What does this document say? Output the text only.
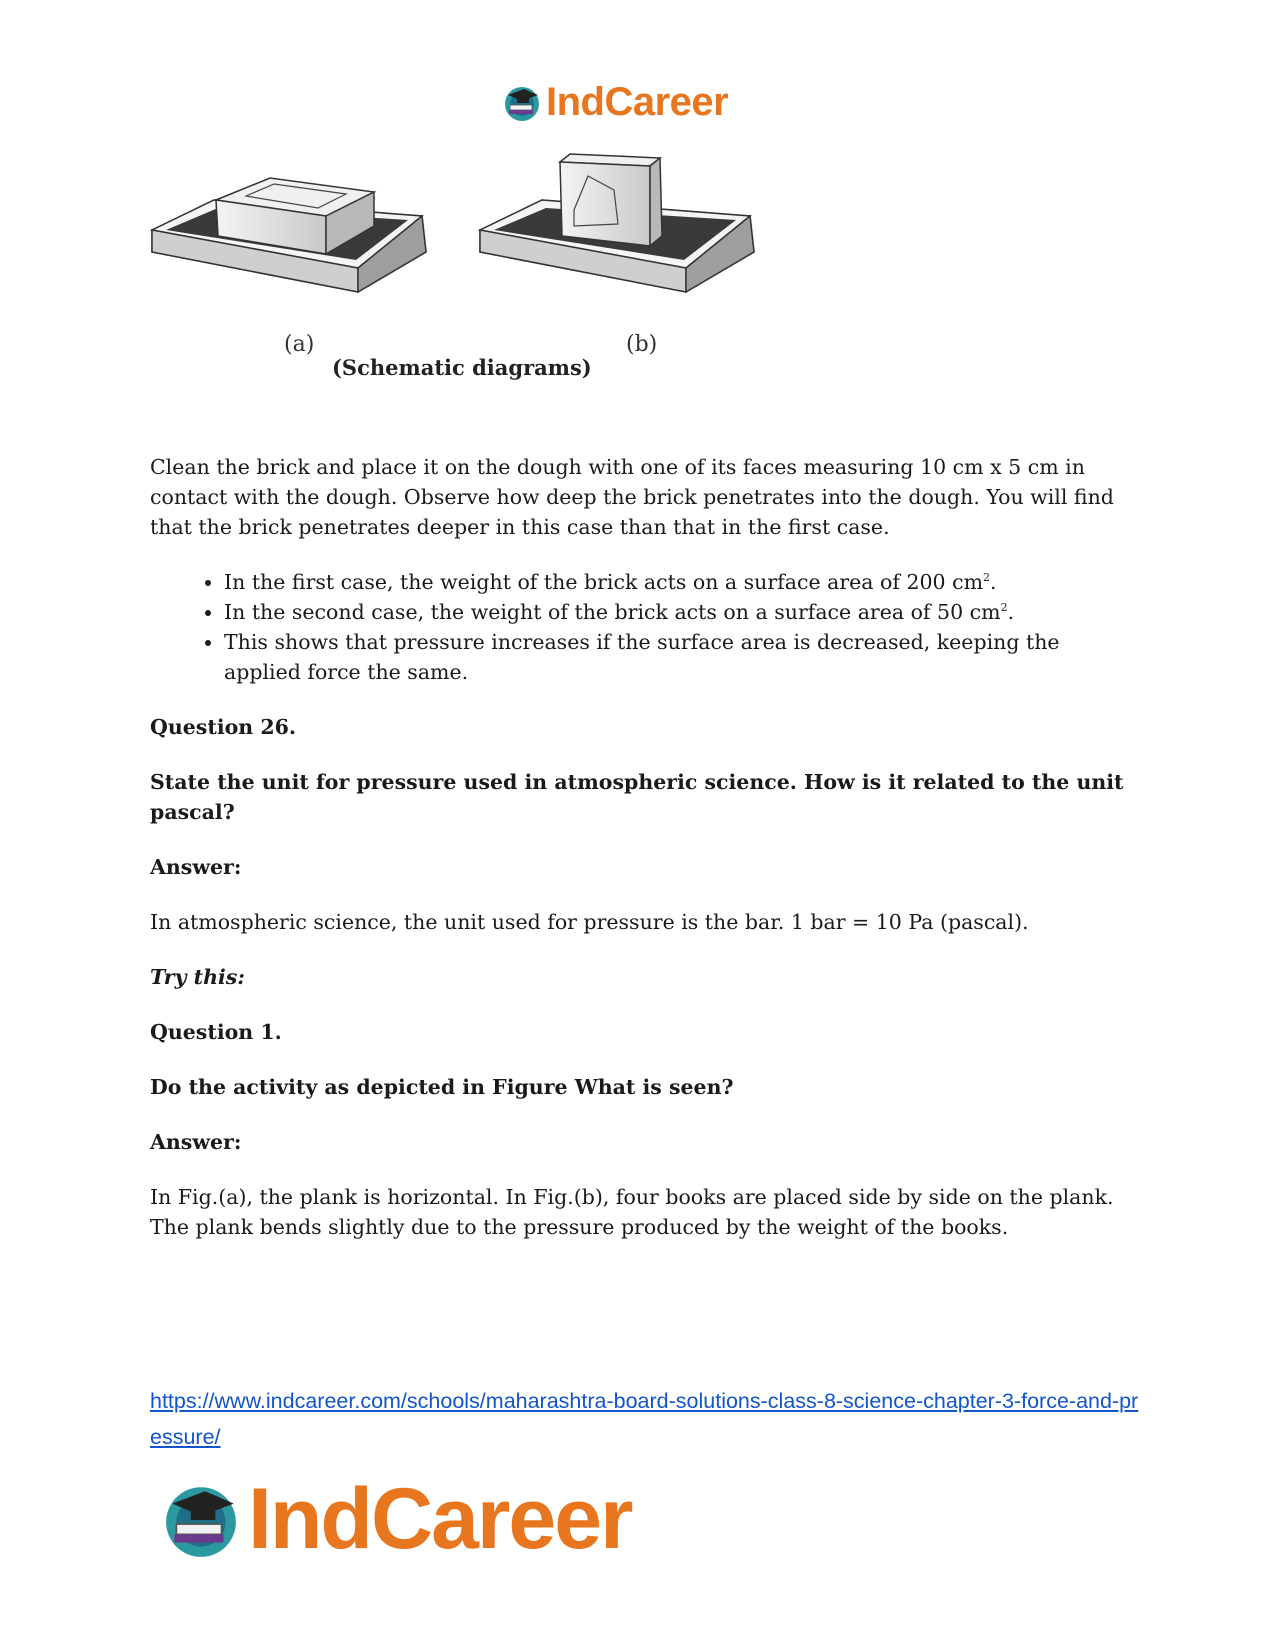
IndCareer
(a)	(b)
(Schematic diagrams)

Clean the brick and place it on the dough with one of its faces measuring 10 cm x 5 cm in contact with the dough. Observe how deep the brick penetrates into the dough. You will find that the brick penetrates deeper in this case than that in the first case.

• In the first case, the weight of the brick acts on a surface area of 200 $cm^2$.
• In the second case, the weight of the brick acts on a surface area of 50 $cm^2$.
• This shows that pressure increases if the surface area is decreased, keeping the applied force the same.

Question 26.

State the unit for pressure used in atmospheric science. How is it related to the unit pascal?

Answer:

In atmospheric science, the unit used for pressure is the bar. 1 bar = 10 Pa (pascal).

Try this:

Question 1.

Do the activity as depicted in Figure What is seen?

Answer:

In Fig.(a), the plank is horizontal. In Fig.(b), four books are placed side by side on the plank. The plank bends slightly due to the pressure produced by the weight of the books.

https://www.indcareer.com/schools/maharashtra-board-solutions-class-8-science-chapter-3-force-and-pressure/
IndCareer
